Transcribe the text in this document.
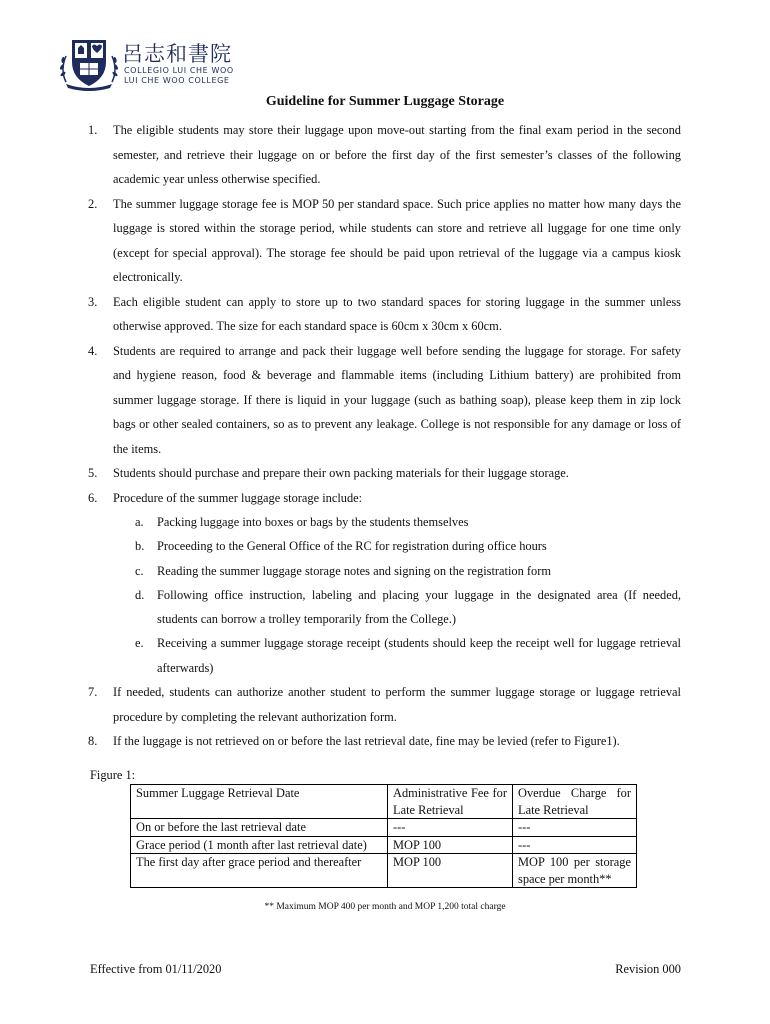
呂志和書院
COLLEGIO LUI CHE WOO
LUI CHE WOO COLLEGE
Guideline for Summer Luggage Storage
1. The eligible students may store their luggage upon move-out starting from the final exam period in the second semester, and retrieve their luggage on or before the first day of the first semester’s classes of the following academic year unless otherwise specified.
2. The summer luggage storage fee is MOP 50 per standard space. Such price applies no matter how many days the luggage is stored within the storage period, while students can store and retrieve all luggage for one time only (except for special approval). The storage fee should be paid upon retrieval of the luggage via a campus kiosk electronically.
3. Each eligible student can apply to store up to two standard spaces for storing luggage in the summer unless otherwise approved. The size for each standard space is 60cm x 30cm x 60cm.
4. Students are required to arrange and pack their luggage well before sending the luggage for storage. For safety and hygiene reason, food & beverage and flammable items (including Lithium battery) are prohibited from summer luggage storage. If there is liquid in your luggage (such as bathing soap), please keep them in zip lock bags or other sealed containers, so as to prevent any leakage. College is not responsible for any damage or loss of the items.
5. Students should purchase and prepare their own packing materials for their luggage storage.
6. Procedure of the summer luggage storage include:
a. Packing luggage into boxes or bags by the students themselves
b. Proceeding to the General Office of the RC for registration during office hours
c. Reading the summer luggage storage notes and signing on the registration form
d. Following office instruction, labeling and placing your luggage in the designated area (If needed, students can borrow a trolley temporarily from the College.)
e. Receiving a summer luggage storage receipt (students should keep the receipt well for luggage retrieval afterwards)
7. If needed, students can authorize another student to perform the summer luggage storage or luggage retrieval procedure by completing the relevant authorization form.
8. If the luggage is not retrieved on or before the last retrieval date, fine may be levied (refer to Figure1).
Figure 1:
Summer Luggage Retrieval Date	Administrative Fee for Late Retrieval	Overdue Charge for Late Retrieval
On or before the last retrieval date	---	---
Grace period (1 month after last retrieval date)	MOP 100	---
The first day after grace period and thereafter	MOP 100	MOP 100 per storage space per month**
** Maximum MOP 400 per month and MOP 1,200 total charge
Effective from 01/11/2020	Revision 000
